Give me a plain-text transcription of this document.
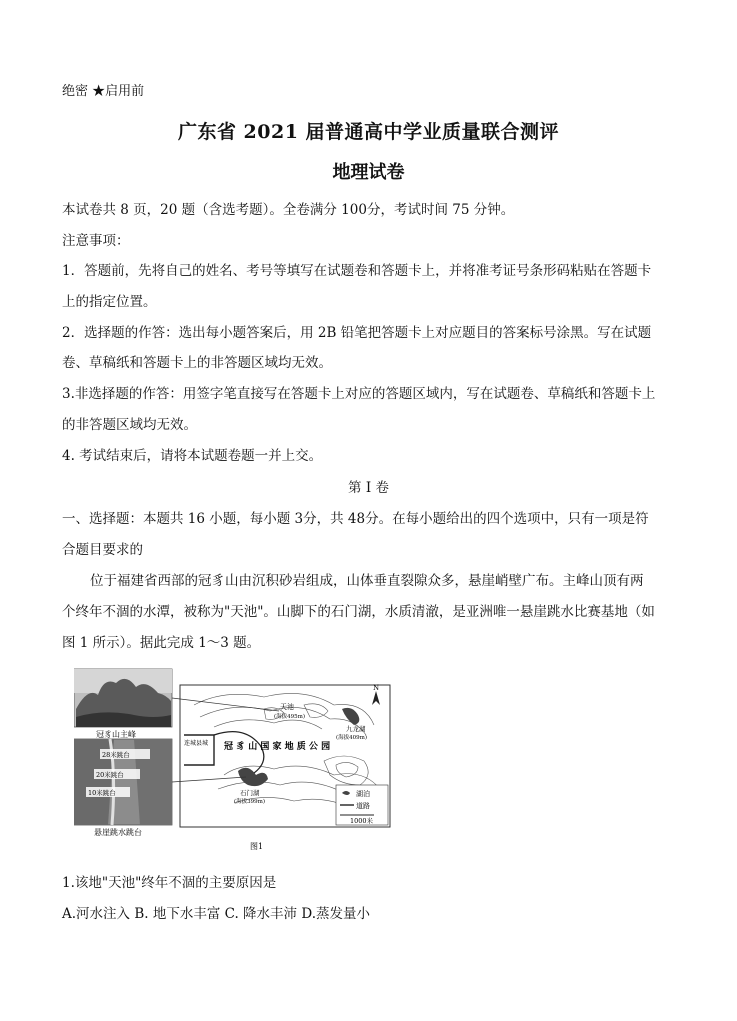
绝密 ★启用前
广东省 2021 届普通高中学业质量联合测评
地理试卷
本试卷共 8 页，20 题（含选考题）。全卷满分 100分，考试时间 75 分钟。
注意事项：
1．答题前，先将自己的姓名、考号等填写在试题卷和答题卡上，并将准考证号条形码粘贴在答题卡
上的指定位置。
2．选择题的作答：选出每小题答案后，用 2B 铅笔把答题卡上对应题目的答案标号涂黑。写在试题
卷、草稿纸和答题卡上的非答题区域均无效。
3.非选择题的作答：用签字笔直接写在答题卡上对应的答题区域内，写在试题卷、草稿纸和答题卡上
的非答题区域均无效。
4. 考试结束后，请将本试题卷题一并上交。
第 I 卷
一、选择题：本题共 16 小题，每小题 3分，共 48分。在每小题给出的四个选项中，只有一项是符
合题目要求的
位于福建省西部的冠豸山由沉积砂岩组成，山体垂直裂隙众多，悬崖峭壁广布。主峰山顶有两
个终年不涸的水潭，被称为"天池"。山脚下的石门湖，水质清澈，是亚洲唯一悬崖跳水比赛基地（如
图 1 所示）。据此完成 1～3 题。
冠豸山主峰
悬崖跳水跳台
28米跳台
20米跳台
10米跳台
冠 豸 山 国 家 地 质 公 园
天池
(海拔495m)
九龙湖
(海拔409m)
石门湖
(海拔399m)
连城县城
N
湖泊
道路
1000米
图1
1.该地"天池"终年不涸的主要原因是
A.河水注入 B. 地下水丰富 C. 降水丰沛 D.蒸发量小
